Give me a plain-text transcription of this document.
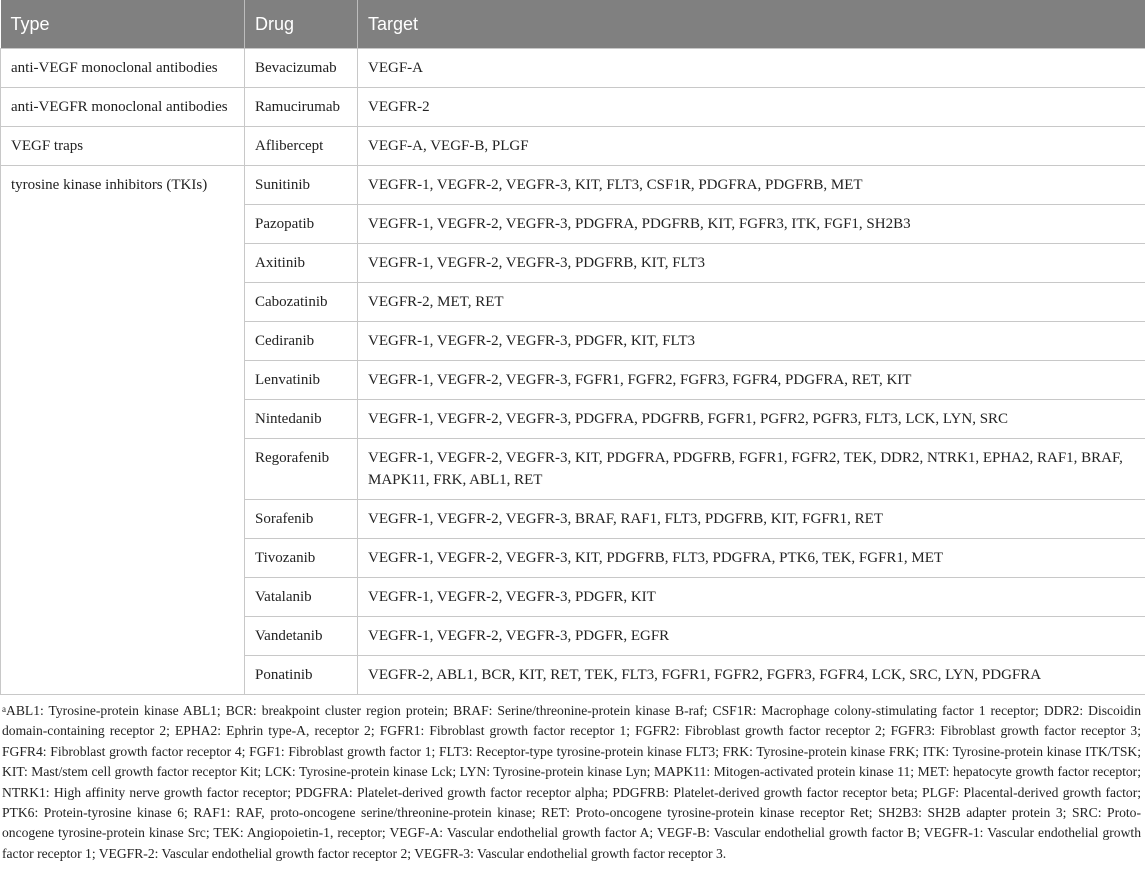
Type	Drug	Target
anti-VEGF monoclonal antibodies	Bevacizumab	VEGF-A
anti-VEGFR monoclonal antibodies	Ramucirumab	VEGFR-2
VEGF traps	Aflibercept	VEGF-A, VEGF-B, PLGF
tyrosine kinase inhibitors (TKIs)	Sunitinib	VEGFR-1, VEGFR-2, VEGFR-3, KIT, FLT3, CSF1R, PDGFRA, PDGFRB, MET
	Pazopatib	VEGFR-1, VEGFR-2, VEGFR-3, PDGFRA, PDGFRB, KIT, FGFR3, ITK, FGF1, SH2B3
	Axitinib	VEGFR-1, VEGFR-2, VEGFR-3, PDGFRB, KIT, FLT3
	Cabozatinib	VEGFR-2, MET, RET
	Cediranib	VEGFR-1, VEGFR-2, VEGFR-3, PDGFR, KIT, FLT3
	Lenvatinib	VEGFR-1, VEGFR-2, VEGFR-3, FGFR1, FGFR2, FGFR3, FGFR4, PDGFRA, RET, KIT
	Nintedanib	VEGFR-1, VEGFR-2, VEGFR-3, PDGFRA, PDGFRB, FGFR1, PGFR2, PGFR3, FLT3, LCK, LYN, SRC
	Regorafenib	VEGFR-1, VEGFR-2, VEGFR-3, KIT, PDGFRA, PDGFRB, FGFR1, FGFR2, TEK, DDR2, NTRK1, EPHA2, RAF1, BRAF, MAPK11, FRK, ABL1, RET
	Sorafenib	VEGFR-1, VEGFR-2, VEGFR-3, BRAF, RAF1, FLT3, PDGFRB, KIT, FGFR1, RET
	Tivozanib	VEGFR-1, VEGFR-2, VEGFR-3, KIT, PDGFRB, FLT3, PDGFRA, PTK6, TEK, FGFR1, MET
	Vatalanib	VEGFR-1, VEGFR-2, VEGFR-3, PDGFR, KIT
	Vandetanib	VEGFR-1, VEGFR-2, VEGFR-3, PDGFR, EGFR
	Ponatinib	VEGFR-2, ABL1, BCR, KIT, RET, TEK, FLT3, FGFR1, FGFR2, FGFR3, FGFR4, LCK, SRC, LYN, PDGFRA
$^a$ABL1: Tyrosine-protein kinase ABL1; BCR: breakpoint cluster region protein; BRAF: Serine/threonine-protein kinase B-raf; CSF1R: Macrophage colony-stimulating factor 1 receptor; DDR2: Discoidin domain-containing receptor 2; EPHA2: Ephrin type-A, receptor 2; FGFR1: Fibroblast growth factor receptor 1; FGFR2: Fibroblast growth factor receptor 2; FGFR3: Fibroblast growth factor receptor 3; FGFR4: Fibroblast growth factor receptor 4; FGF1: Fibroblast growth factor 1; FLT3: Receptor-type tyrosine-protein kinase FLT3; FRK: Tyrosine-protein kinase FRK; ITK: Tyrosine-protein kinase ITK/TSK; KIT: Mast/stem cell growth factor receptor Kit; LCK: Tyrosine-protein kinase Lck; LYN: Tyrosine-protein kinase Lyn; MAPK11: Mitogen-activated protein kinase 11; MET: hepatocyte growth factor receptor; NTRK1: High affinity nerve growth factor receptor; PDGFRA: Platelet-derived growth factor receptor alpha; PDGFRB: Platelet-derived growth factor receptor beta; PLGF: Placental-derived growth factor; PTK6: Protein-tyrosine kinase 6; RAF1: RAF, proto-oncogene serine/threonine-protein kinase; RET: Proto-oncogene tyrosine-protein kinase receptor Ret; SH2B3: SH2B adapter protein 3; SRC: Proto-oncogene tyrosine-protein kinase Src; TEK: Angiopoietin-1, receptor; VEGF-A: Vascular endothelial growth factor A; VEGF-B: Vascular endothelial growth factor B; VEGFR-1: Vascular endothelial growth factor receptor 1; VEGFR-2: Vascular endothelial growth factor receptor 2; VEGFR-3: Vascular endothelial growth factor receptor 3.
